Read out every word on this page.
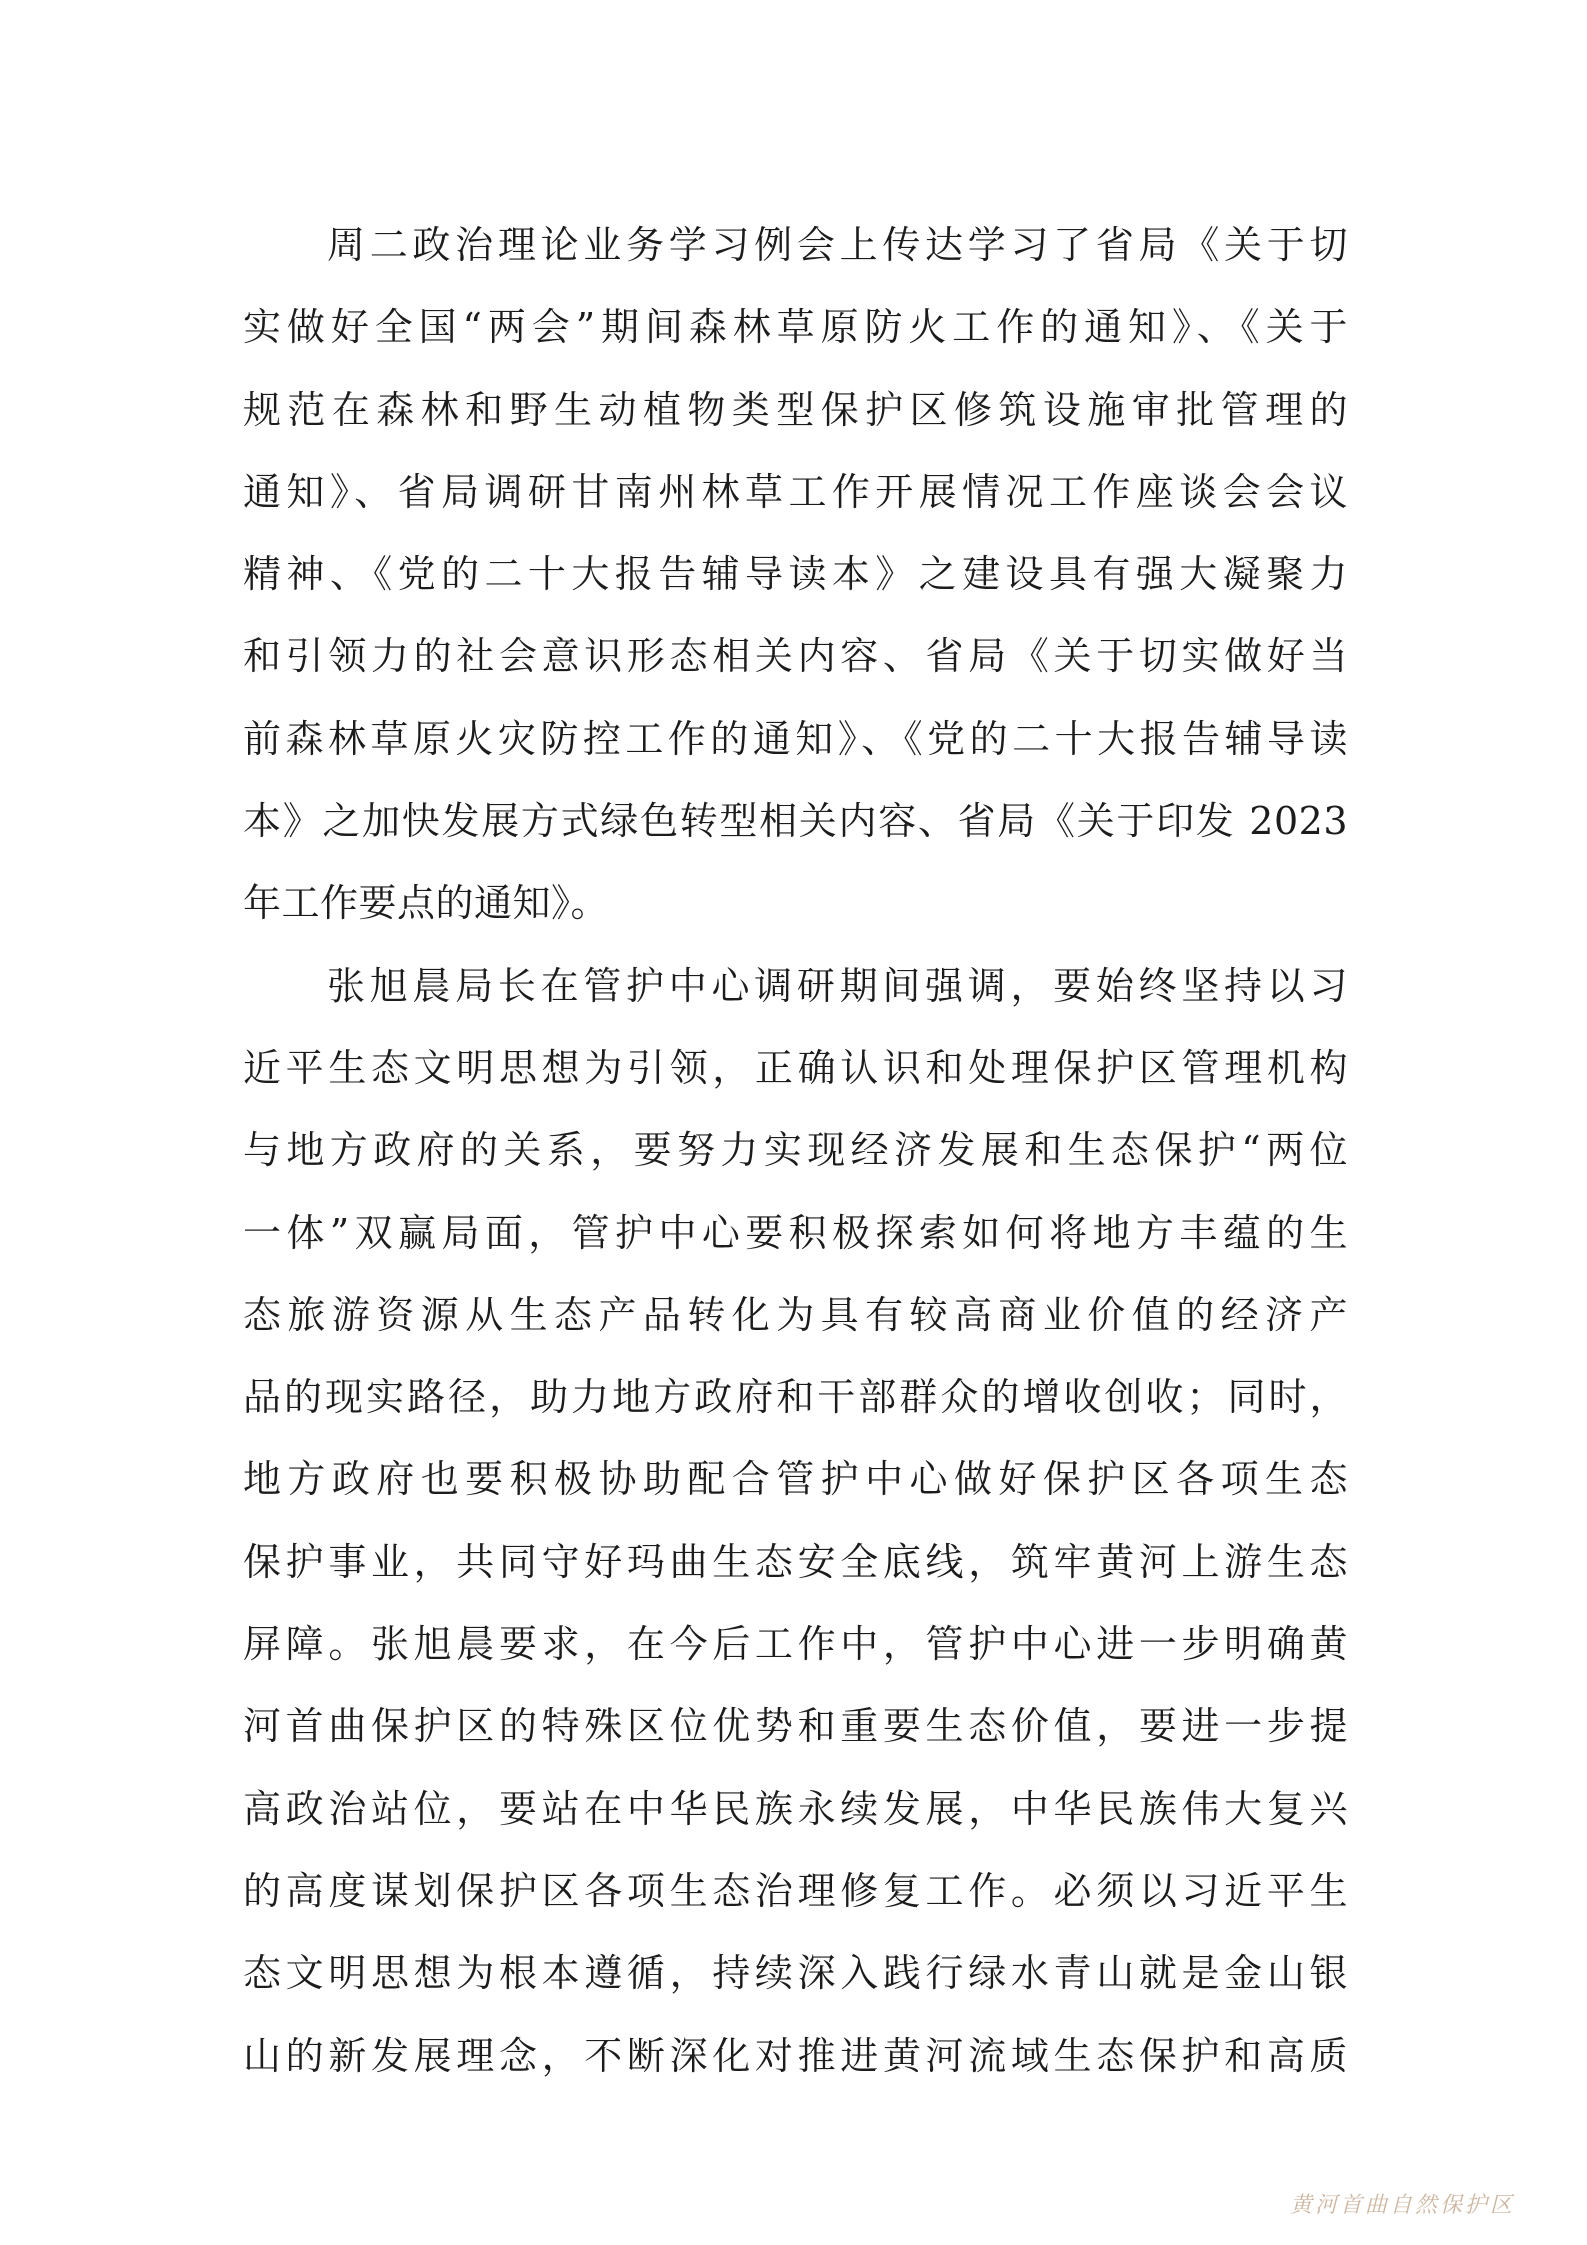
周二政治理论业务学习例会上传达学习了省局《关于切
实做好全国“两会”期间森林草原防火工作的通知》、《关于
规范在森林和野生动植物类型保护区修筑设施审批管理的
通知》、省局调研甘南州林草工作开展情况工作座谈会会议
精神、《党的二十大报告辅导读本》之建设具有强大凝聚力
和引领力的社会意识形态相关内容、省局《关于切实做好当
前森林草原火灾防控工作的通知》、《党的二十大报告辅导读
本》之加快发展方式绿色转型相关内容、省局《关于印发 2023
年工作要点的通知》。
张旭晨局长在管护中心调研期间强调，要始终坚持以习
近平生态文明思想为引领，正确认识和处理保护区管理机构
与地方政府的关系，要努力实现经济发展和生态保护“两位
一体”双赢局面，管护中心要积极探索如何将地方丰蕴的生
态旅游资源从生态产品转化为具有较高商业价值的经济产
品的现实路径，助力地方政府和干部群众的增收创收；同时，
地方政府也要积极协助配合管护中心做好保护区各项生态
保护事业，共同守好玛曲生态安全底线，筑牢黄河上游生态
屏障。张旭晨要求，在今后工作中，管护中心进一步明确黄
河首曲保护区的特殊区位优势和重要生态价值，要进一步提
高政治站位，要站在中华民族永续发展，中华民族伟大复兴
的高度谋划保护区各项生态治理修复工作。必须以习近平生
态文明思想为根本遵循，持续深入践行绿水青山就是金山银
山的新发展理念，不断深化对推进黄河流域生态保护和高质
黄河首曲自然保护区
